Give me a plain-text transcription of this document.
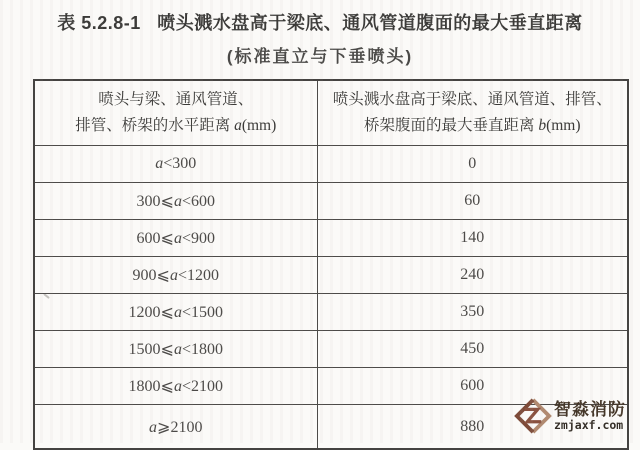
表 5.2.8-1   喷头溅水盘高于梁底、通风管道腹面的最大垂直距离
(标准直立与下垂喷头)
喷头与梁、通风管道、
排管、桥架的水平距离 a(mm)	喷头溅水盘高于梁底、通风管道、排管、
桥架腹面的最大垂直距离 b(mm)
a<300	0
300⩽a<600	60
600⩽a<900	140
900⩽a<1200	240
1200⩽a<1500	350
1500⩽a<1800	450
1800⩽a<2100	600
a⩾2100	880
智淼消防
zmjaxf.com
